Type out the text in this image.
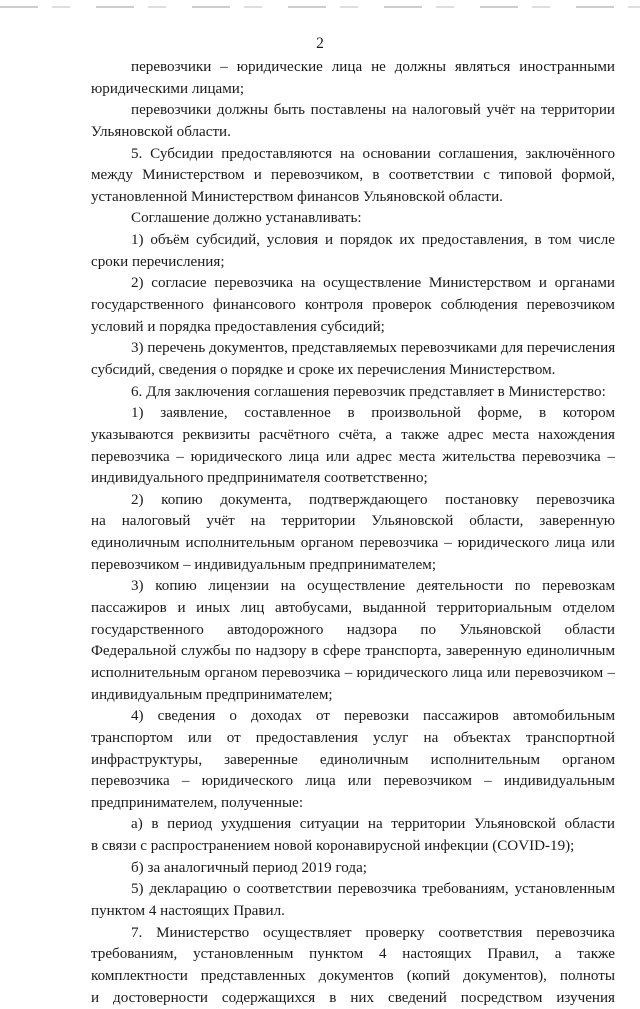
2
перевозчики – юридические лица не должны являться иностранными
юридическими лицами;
перевозчики должны быть поставлены на налоговый учёт на территории
Ульяновской области.
5. Субсидии предоставляются на основании соглашения, заключённого
между Министерством и перевозчиком, в соответствии с типовой формой,
установленной Министерством финансов Ульяновской области.
Соглашение должно устанавливать:
1) объём субсидий, условия и порядок их предоставления, в том числе
сроки перечисления;
2) согласие перевозчика на осуществление Министерством и органами
государственного финансового контроля проверок соблюдения перевозчиком
условий и порядка предоставления субсидий;
3) перечень документов, представляемых перевозчиками для перечисления
субсидий, сведения о порядке и сроке их перечисления Министерством.
6. Для заключения соглашения перевозчик представляет в Министерство:
1) заявление, составленное в произвольной форме, в котором
указываются реквизиты расчётного счёта, а также адрес места нахождения
перевозчика – юридического лица или адрес места жительства перевозчика –
индивидуального предпринимателя соответственно;
2) копию документа, подтверждающего постановку перевозчика
на налоговый учёт на территории Ульяновской области, заверенную
единоличным исполнительным органом перевозчика – юридического лица или
перевозчиком – индивидуальным предпринимателем;
3) копию лицензии на осуществление деятельности по перевозкам
пассажиров и иных лиц автобусами, выданной территориальным отделом
государственного автодорожного надзора по Ульяновской области
Федеральной службы по надзору в сфере транспорта, заверенную единоличным
исполнительным органом перевозчика – юридического лица или перевозчиком –
индивидуальным предпринимателем;
4) сведения о доходах от перевозки пассажиров автомобильным
транспортом или от предоставления услуг на объектах транспортной
инфраструктуры, заверенные единоличным исполнительным органом
перевозчика – юридического лица или перевозчиком – индивидуальным
предпринимателем, полученные:
а) в период ухудшения ситуации на территории Ульяновской области
в связи с распространением новой коронавирусной инфекции (COVID-19);
б) за аналогичный период 2019 года;
5) декларацию о соответствии перевозчика требованиям, установленным
пунктом 4 настоящих Правил.
7. Министерство осуществляет проверку соответствия перевозчика
требованиям, установленным пунктом 4 настоящих Правил, а также
комплектности представленных документов (копий документов), полноты
и достоверности содержащихся в них сведений посредством изучения
